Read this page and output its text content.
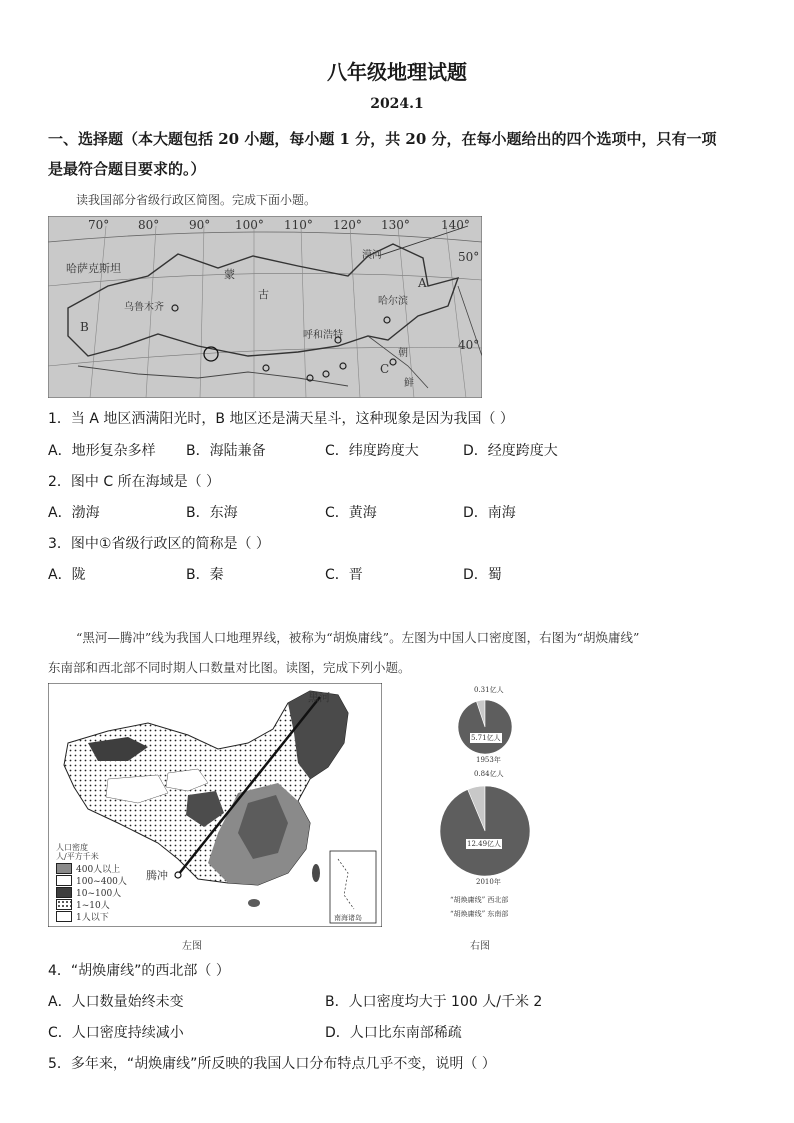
八年级地理试题
2024.1
一、选择题（本大题包括 20 小题，每小题 1 分，共 20 分，在每小题给出的四个选项中，只有一项
是最符合题目要求的。）
读我国部分省级行政区简图。完成下面小题。
70° 80° 90° 100° 110° 120° 130°	140°
50°
40°
哈萨克斯坦	蒙
古
乌鲁木齐
呼和浩特
哈尔滨
漠河
朝
鲜
A
B
C
1．当 A 地区洒满阳光时，B 地区还是满天星斗，这种现象是因为我国（ ）
A．地形复杂多样 B．海陆兼备	C．纬度跨度大	D．经度跨度大
2．图中 C 所在海域是（ ）
A．渤海	B．东海	C．黄海	D．南海
3．图中①省级行政区的简称是（ ）
A．陇	B．秦	C．晋	D．蜀
“黑河—腾冲”线为我国人口地理界线，被称为“胡焕庸线”。左图为中国人口密度图，右图为“胡焕庸线”
东南部和西北部不同时期人口数量对比图。读图，完成下列小题。
黑河
腾冲
南海诸岛
人口密度
人/平方千米
400人以上
100~400人
10~100人
1~10人
1人以下
左图
0.31亿人
5.71亿人
1953年
0.84亿人
12.49亿人
2010年
“胡焕庸线” 西北部
“胡焕庸线” 东南部
右图
4．“胡焕庸线”的西北部（ ）
A．人口数量始终未变	B．人口密度均大于 100 人/千米 2
C．人口密度持续减小	D．人口比东南部稀疏
5．多年来，“胡焕庸线”所反映的我国人口分布特点几乎不变，说明（ ）
